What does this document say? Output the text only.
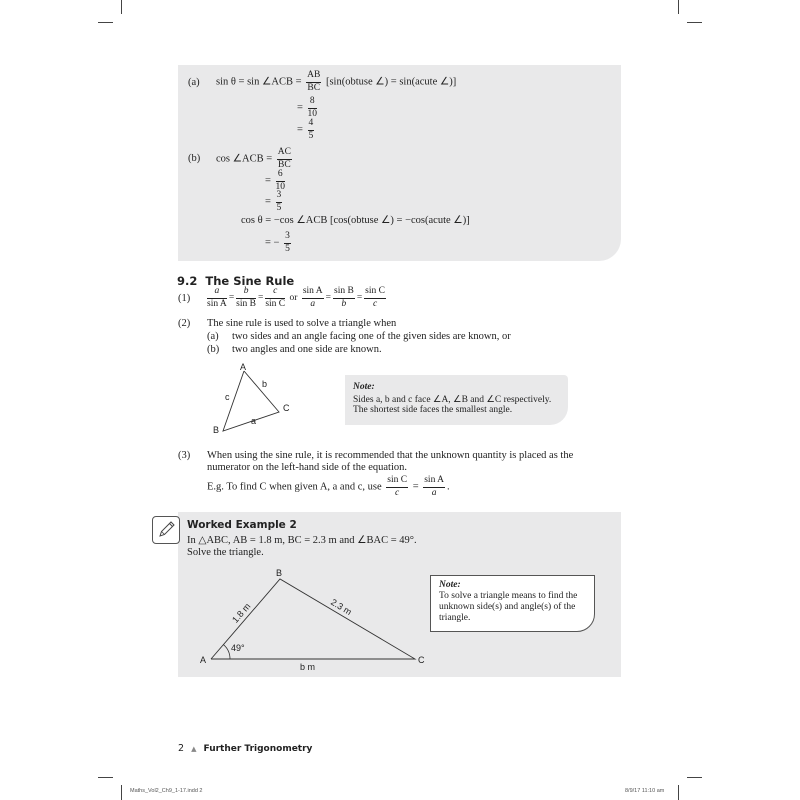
(a) sin θ = sin ∠ACB = $\frac{AB}{BC}$ [sin(obtuse ∠) = sin(acute ∠)]
= $\frac{8}{10}$
= $\frac{4}{5}$
(b) cos ∠ACB = $\frac{AC}{BC}$
= $\frac{6}{10}$
= $\frac{3}{5}$
cos θ = −cos ∠ACB [cos(obtuse ∠) = −cos(acute ∠)]
= − $\frac{3}{5}$
9.2 The Sine Rule
$(1) \frac{a}{\text{sin A}} = \frac{b}{\text{sin B}} = \frac{c}{\text{sin C}}$ or $\frac{\text{sin A}}{a} = \frac{\text{sin B}}{b} = \frac{\text{sin C}}{c}$
(2) The sine rule is used to solve a triangle when
(a) two sides and an angle facing one of the given sides are known, or
(b) two angles and one side are known.
A
B
C
a
b
c
Note:
Sides a, b and c face ∠A, ∠B and ∠C respectively.
The shortest side faces the smallest angle.
(3) When using the sine rule, it is recommended that the unknown quantity is placed as the
numerator on the left-hand side of the equation.
E.g. To find C when given A, a and c, use $\frac{\text{sin C}}{c} = \frac{\text{sin A}}{a}$ .
Worked Example 2
In △ABC, AB = 1.8 m, BC = 2.3 m and ∠BAC = 49°.
Solve the triangle.
B
A	C
1.8 m	2.3 m
b m
49°
Note:
To solve a triangle means to find the unknown side(s) and angle(s) of the triangle.
2 ▲ Further Trigonometry
Maths_Vol2_Ch9_1-17.indd 2	8/9/17 11:10 am
